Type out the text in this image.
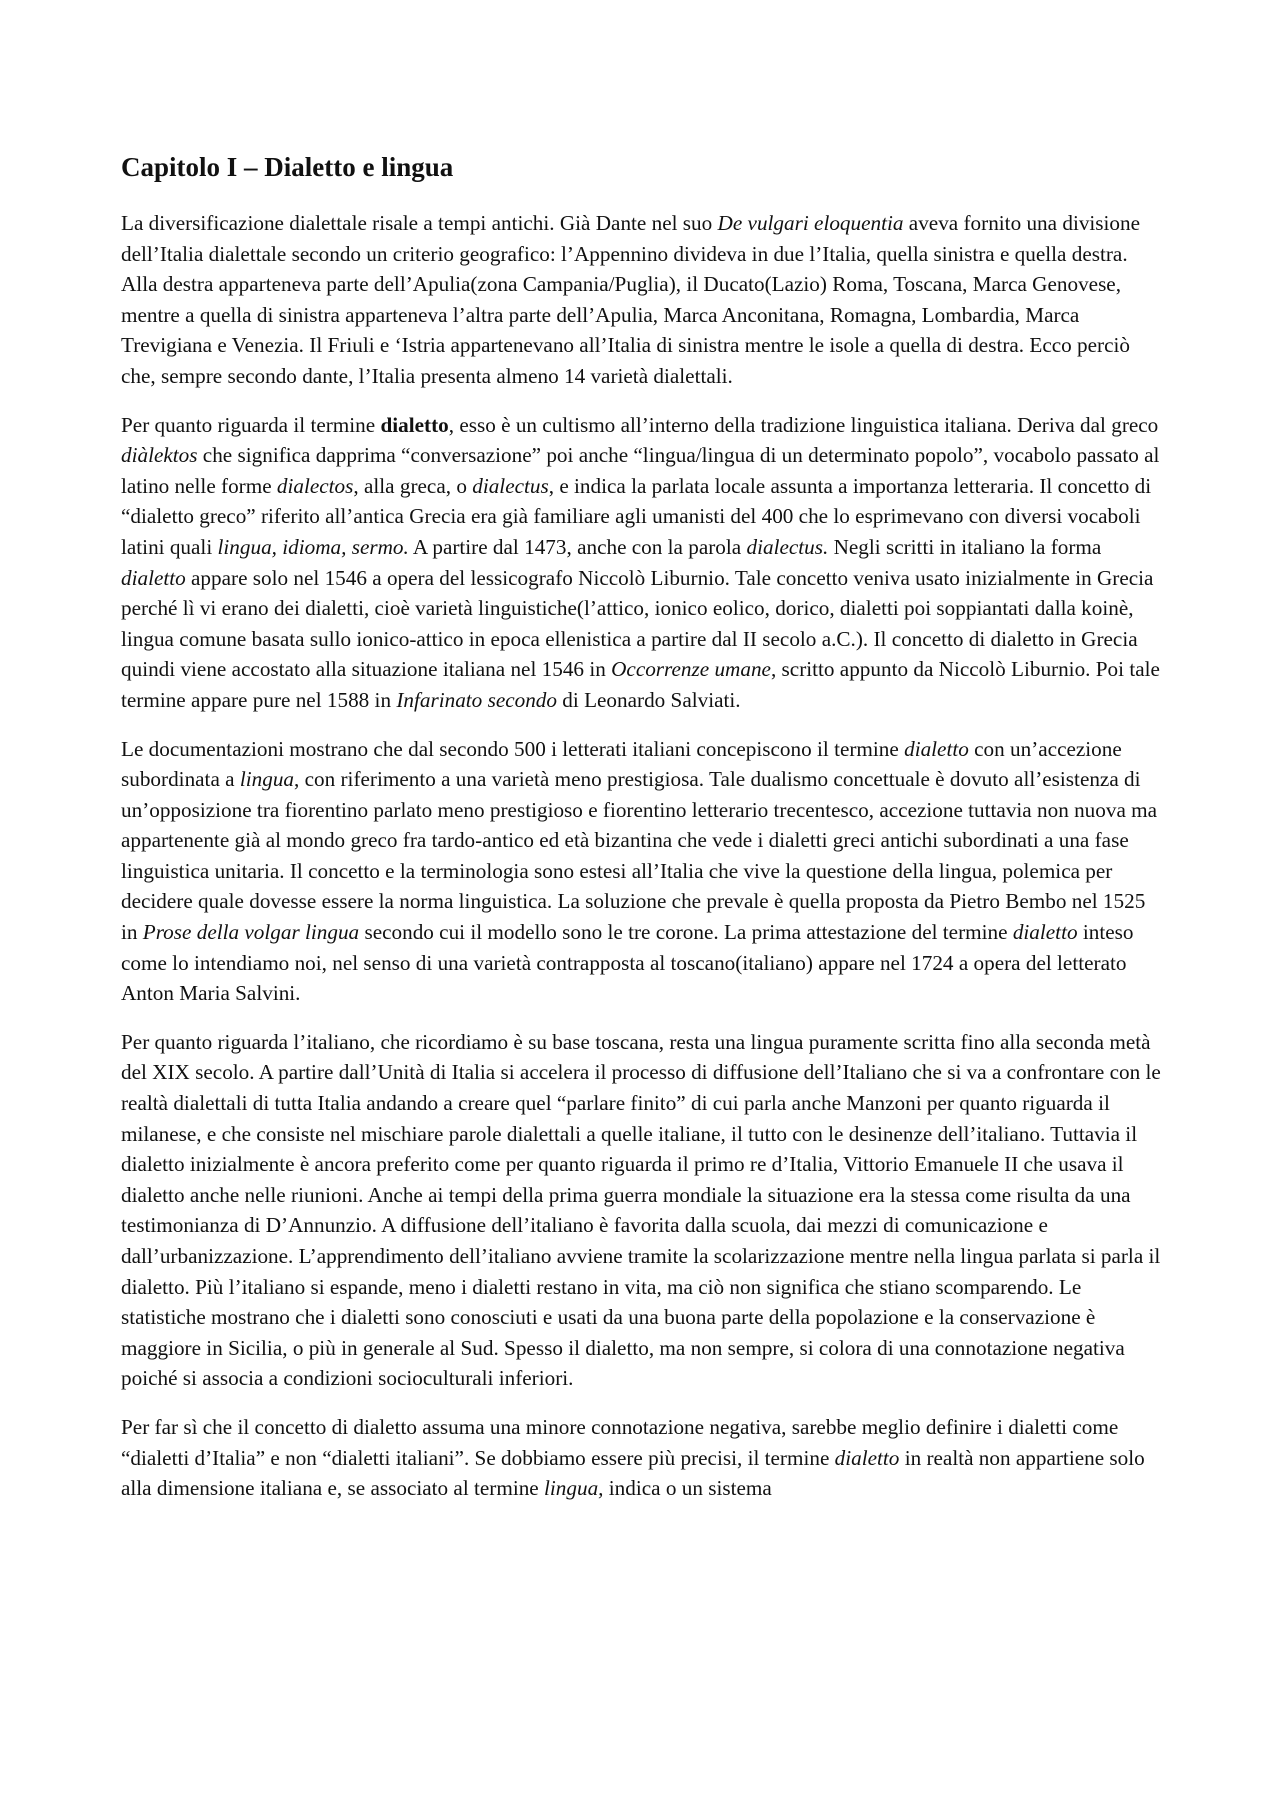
Capitolo I – Dialetto e lingua

La diversificazione dialettale risale a tempi antichi. Già Dante nel suo De vulgari eloquentia aveva fornito una divisione dell’Italia dialettale secondo un criterio geografico: l’Appennino divideva in due l’Italia, quella sinistra e quella destra. Alla destra apparteneva parte dell’Apulia(zona Campania/Puglia), il Ducato(Lazio) Roma, Toscana, Marca Genovese, mentre a quella di sinistra apparteneva l’altra parte dell’Apulia, Marca Anconitana, Romagna, Lombardia, Marca Trevigiana e Venezia. Il Friuli e ‘Istria appartenevano all’Italia di sinistra mentre le isole a quella di destra. Ecco perciò che, sempre secondo dante, l’Italia presenta almeno 14 varietà dialettali.

Per quanto riguarda il termine dialetto, esso è un cultismo all’interno della tradizione linguistica italiana. Deriva dal greco diàlektos che significa dapprima “conversazione” poi anche “lingua/lingua di un determinato popolo”, vocabolo passato al latino nelle forme dialectos, alla greca, o dialectus, e indica la parlata locale assunta a importanza letteraria. Il concetto di “dialetto greco” riferito all’antica Grecia era già familiare agli umanisti del 400 che lo esprimevano con diversi vocaboli latini quali lingua, idioma, sermo. A partire dal 1473, anche con la parola dialectus. Negli scritti in italiano la forma dialetto appare solo nel 1546 a opera del lessicografo Niccolò Liburnio. Tale concetto veniva usato inizialmente in Grecia perché lì vi erano dei dialetti, cioè varietà linguistiche(l’attico, ionico eolico, dorico, dialetti poi soppiantati dalla koinè, lingua comune basata sullo ionico-attico in epoca ellenistica a partire dal II secolo a.C.). Il concetto di dialetto in Grecia quindi viene accostato alla situazione italiana nel 1546 in Occorrenze umane, scritto appunto da Niccolò Liburnio. Poi tale termine appare pure nel 1588 in Infarinato secondo di Leonardo Salviati.

Le documentazioni mostrano che dal secondo 500 i letterati italiani concepiscono il termine dialetto con un’accezione subordinata a lingua, con riferimento a una varietà meno prestigiosa. Tale dualismo concettuale è dovuto all’esistenza di un’opposizione tra fiorentino parlato meno prestigioso e fiorentino letterario trecentesco, accezione tuttavia non nuova ma appartenente già al mondo greco fra tardo-antico ed età bizantina che vede i dialetti greci antichi subordinati a una fase linguistica unitaria. Il concetto e la terminologia sono estesi all’Italia che vive la questione della lingua, polemica per decidere quale dovesse essere la norma linguistica. La soluzione che prevale è quella proposta da Pietro Bembo nel 1525 in Prose della volgar lingua secondo cui il modello sono le tre corone. La prima attestazione del termine dialetto inteso come lo intendiamo noi, nel senso di una varietà contrapposta al toscano(italiano) appare nel 1724 a opera del letterato Anton Maria Salvini.

Per quanto riguarda l’italiano, che ricordiamo è su base toscana, resta una lingua puramente scritta fino alla seconda metà del XIX secolo. A partire dall’Unità di Italia si accelera il processo di diffusione dell’Italiano che si va a confrontare con le realtà dialettali di tutta Italia andando a creare quel “parlare finito” di cui parla anche Manzoni per quanto riguarda il milanese, e che consiste nel mischiare parole dialettali a quelle italiane, il tutto con le desinenze dell’italiano. Tuttavia il dialetto inizialmente è ancora preferito come per quanto riguarda il primo re d’Italia, Vittorio Emanuele II che usava il dialetto anche nelle riunioni. Anche ai tempi della prima guerra mondiale la situazione era la stessa come risulta da una testimonianza di D’Annunzio. A diffusione dell’italiano è favorita dalla scuola, dai mezzi di comunicazione e dall’urbanizzazione. L’apprendimento dell’italiano avviene tramite la scolarizzazione mentre nella lingua parlata si parla il dialetto. Più l’italiano si espande, meno i dialetti restano in vita, ma ciò non significa che stiano scomparendo. Le statistiche mostrano che i dialetti sono conosciuti e usati da una buona parte della popolazione e la conservazione è maggiore in Sicilia, o più in generale al Sud. Spesso il dialetto, ma non sempre, si colora di una connotazione negativa poiché si associa a condizioni socioculturali inferiori.

Per far sì che il concetto di dialetto assuma una minore connotazione negativa, sarebbe meglio definire i dialetti come “dialetti d’Italia” e non “dialetti italiani”. Se dobbiamo essere più precisi, il termine dialetto in realtà non appartiene solo alla dimensione italiana e, se associato al termine lingua, indica o un sistema
